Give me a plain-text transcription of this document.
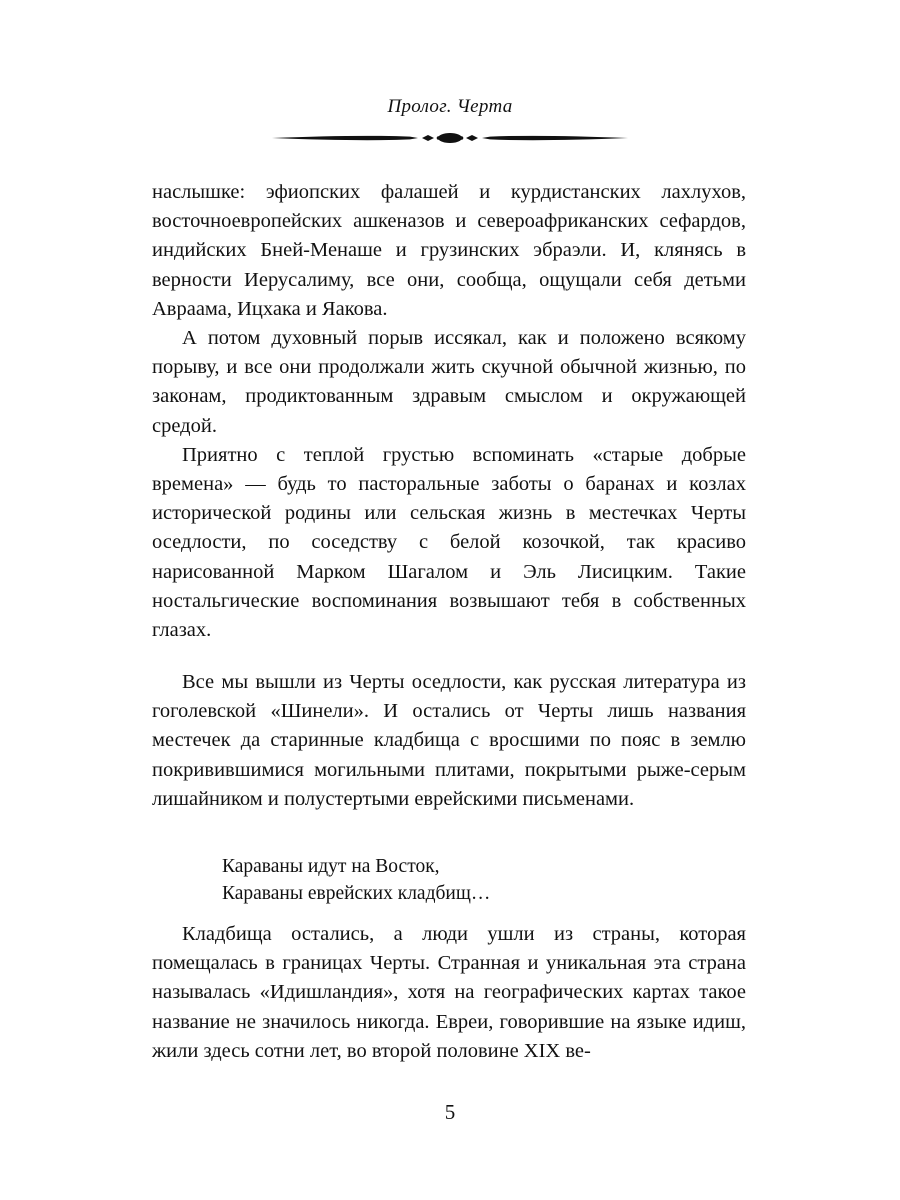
Пролог. Черта

наслышке: эфиопских фалашей и курдистанских лахлухов, восточноевропейских ашкеназов и североафриканских сефардов, индийских Бней-Менаше и грузинских эбраэли. И, клянясь в верности Иерусалиму, все они, сообща, ощущали себя детьми Авраама, Ицхака и Яакова.

А потом духовный порыв иссякал, как и положено всякому порыву, и все они продолжали жить скучной обычной жизнью, по законам, продиктованным здравым смыслом и окружающей средой.

Приятно с теплой грустью вспоминать «старые добрые времена» — будь то пасторальные заботы о баранах и козлах исторической родины или сельская жизнь в местечках Черты оседлости, по соседству с белой козочкой, так красиво нарисованной Марком Шагалом и Эль Лисицким. Такие ностальгические воспоминания возвышают тебя в собственных глазах.

Все мы вышли из Черты оседлости, как русская литература из гоголевской «Шинели». И остались от Черты лишь названия местечек да старинные кладбища с вросшими по пояс в землю покривившимися могильными плитами, покрытыми рыже-серым лишайником и полустертыми еврейскими письменами.

Караваны идут на Восток,
Караваны еврейских кладбищ…

Кладбища остались, а люди ушли из страны, которая помещалась в границах Черты. Странная и уникальная эта страна называлась «Идишландия», хотя на географических картах такое название не значилось никогда. Евреи, говорившие на языке идиш, жили здесь сотни лет, во второй половине XIX ве-

5
